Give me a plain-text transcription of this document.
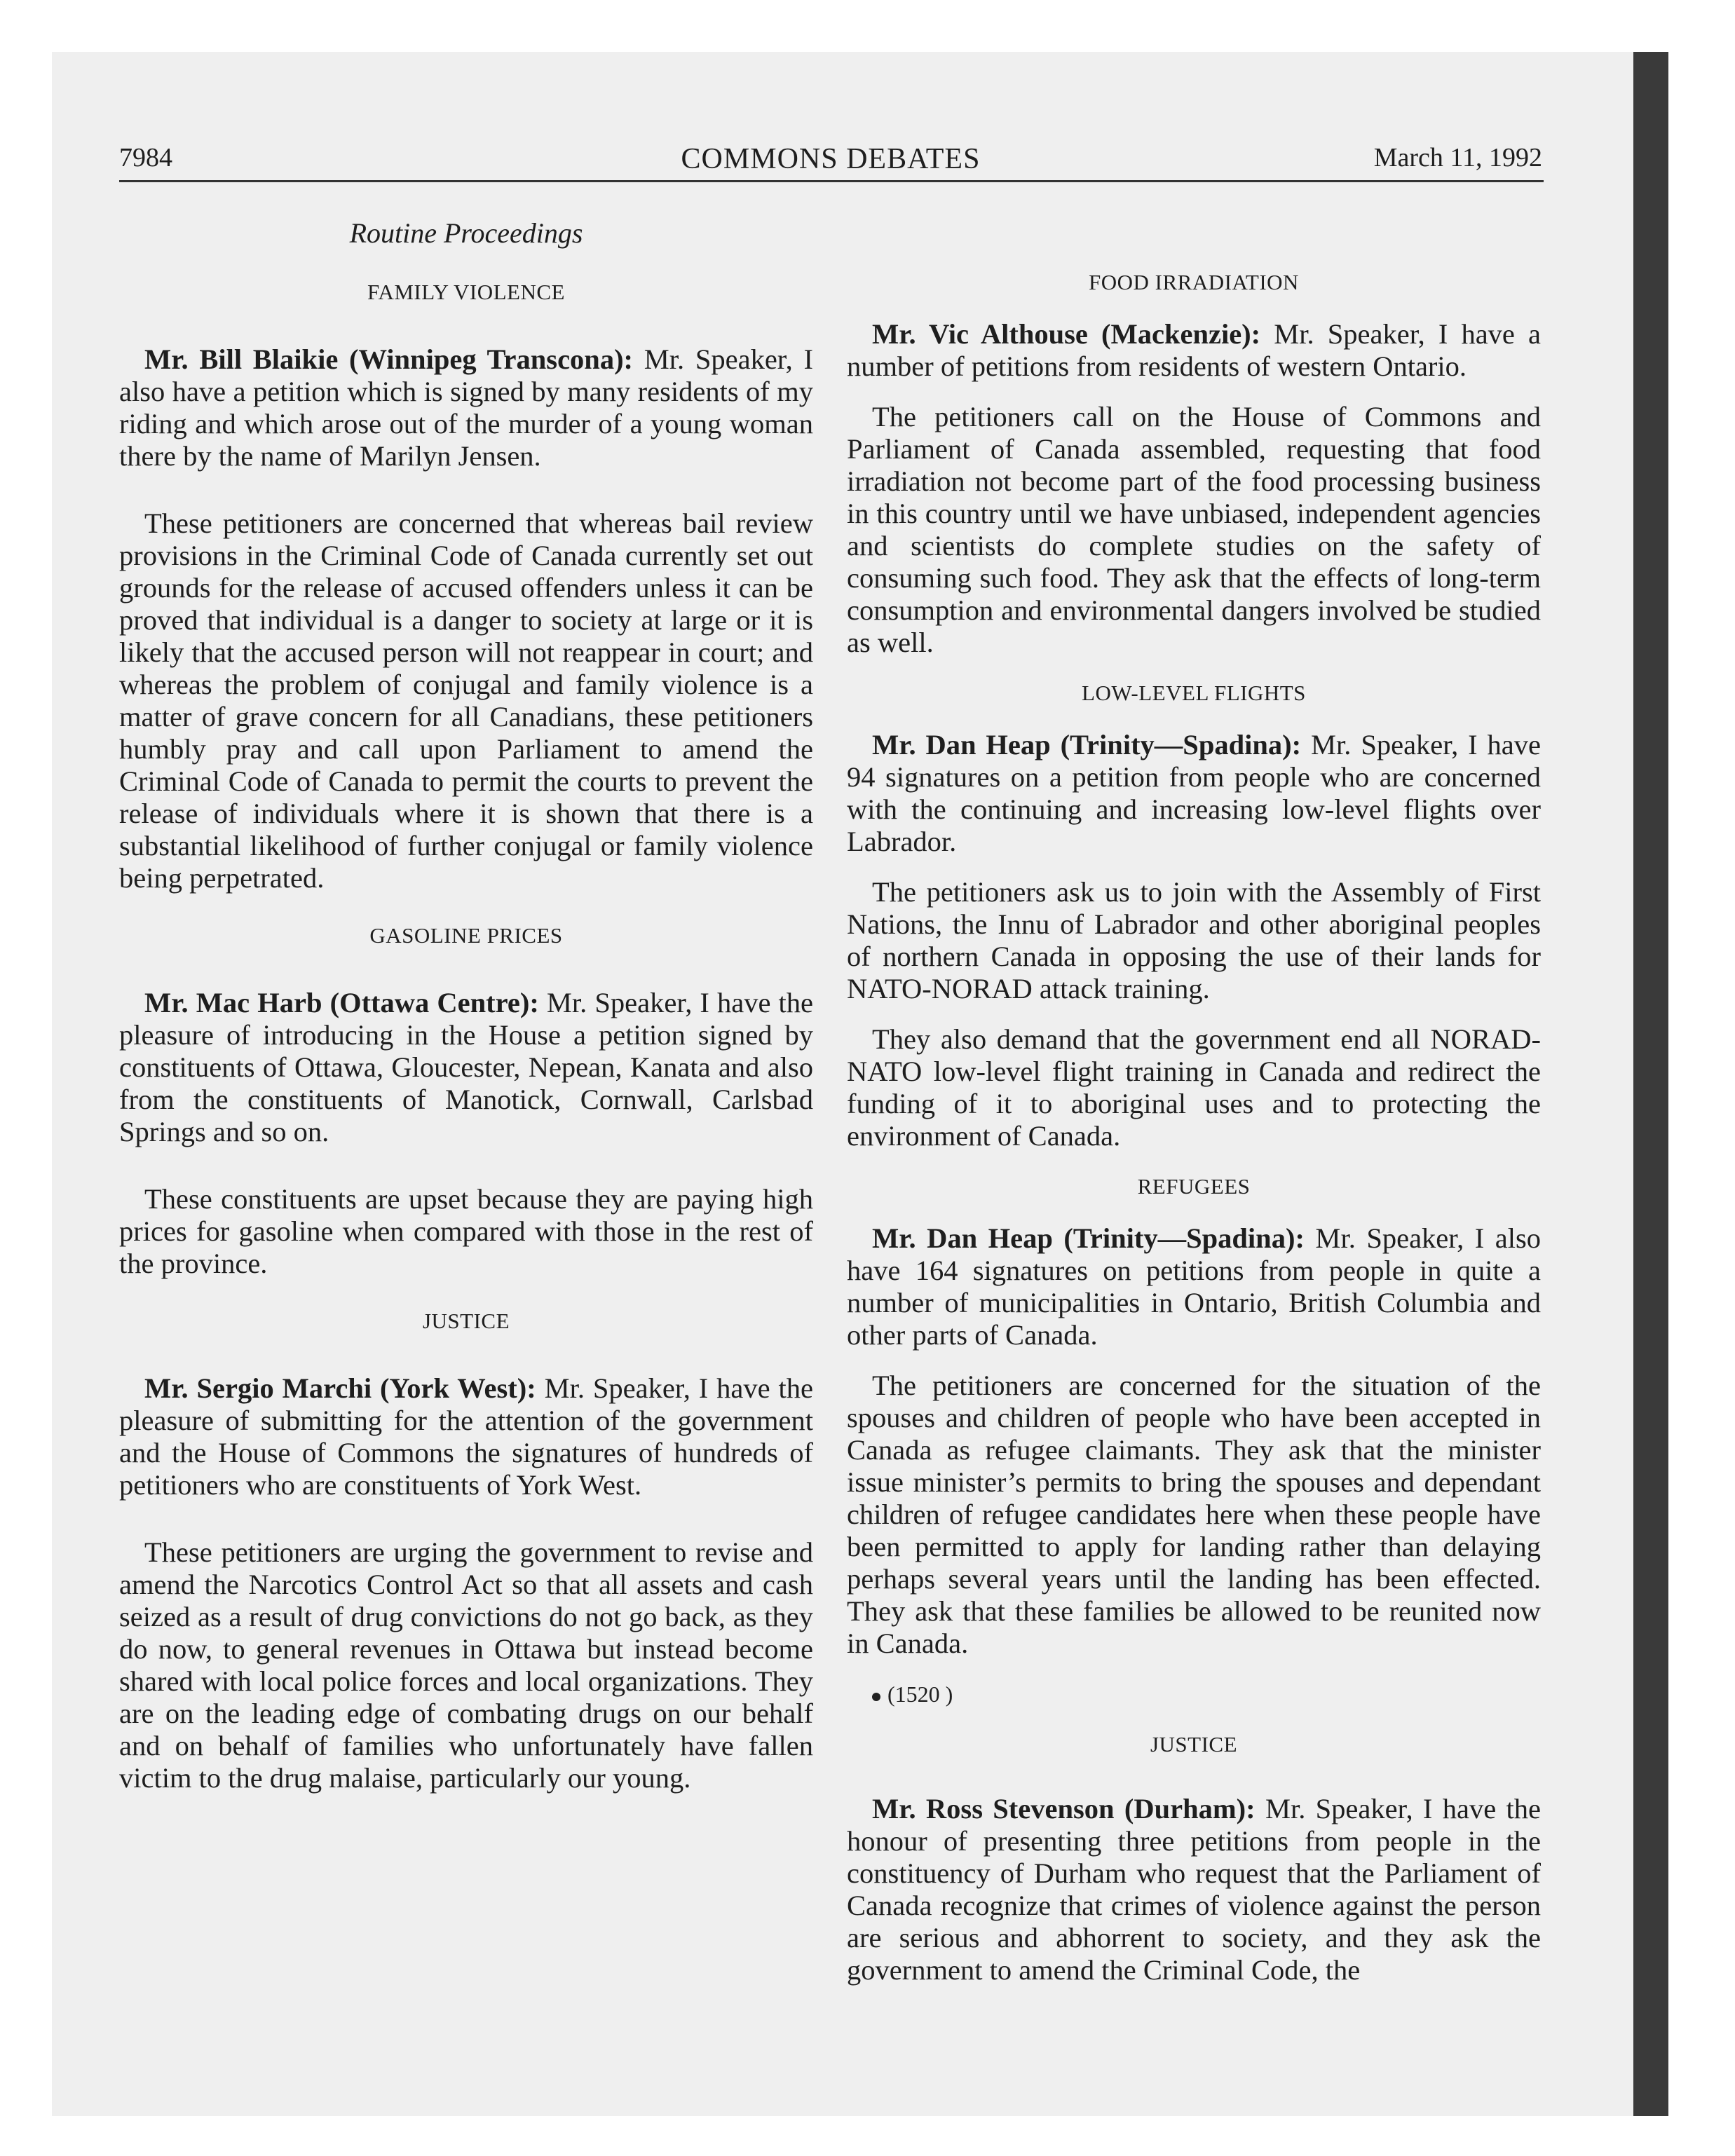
7984	COMMONS DEBATES	March 11, 1992
Routine Proceedings
FAMILY VIOLENCE

Mr. Bill Blaikie (Winnipeg Transcona): Mr. Speaker, I also have a petition which is signed by many residents of my riding and which arose out of the murder of a young woman there by the name of Marilyn Jensen.

These petitioners are concerned that whereas bail review provisions in the Criminal Code of Canada currently set out grounds for the release of accused offenders unless it can be proved that individual is a danger to society at large or it is likely that the accused person will not reappear in court; and whereas the problem of conjugal and family violence is a matter of grave concern for all Canadians, these petitioners humbly pray and call upon Parliament to amend the Criminal Code of Canada to permit the courts to prevent the release of individuals where it is shown that there is a substantial likelihood of further conjugal or family violence being perpetrated.

GASOLINE PRICES

Mr. Mac Harb (Ottawa Centre): Mr. Speaker, I have the pleasure of introducing in the House a petition signed by constituents of Ottawa, Gloucester, Nepean, Kanata and also from the constituents of Manotick, Cornwall, Carlsbad Springs and so on.

These constituents are upset because they are paying high prices for gasoline when compared with those in the rest of the province.

JUSTICE

Mr. Sergio Marchi (York West): Mr. Speaker, I have the pleasure of submitting for the attention of the government and the House of Commons the signatures of hundreds of petitioners who are constituents of York West.

These petitioners are urging the government to revise and amend the Narcotics Control Act so that all assets and cash seized as a result of drug convictions do not go back, as they do now, to general revenues in Ottawa but instead become shared with local police forces and local organizations. They are on the leading edge of combating drugs on our behalf and on behalf of families who unfortunately have fallen victim to the drug malaise, particularly our young.

FOOD IRRADIATION

Mr. Vic Althouse (Mackenzie): Mr. Speaker, I have a number of petitions from residents of western Ontario.

The petitioners call on the House of Commons and Parliament of Canada assembled, requesting that food irradiation not become part of the food processing business in this country until we have unbiased, independent agencies and scientists do complete studies on the safety of consuming such food. They ask that the effects of long-term consumption and environmental dangers involved be studied as well.

LOW-LEVEL FLIGHTS

Mr. Dan Heap (Trinity—Spadina): Mr. Speaker, I have 94 signatures on a petition from people who are concerned with the continuing and increasing low-level flights over Labrador.

The petitioners ask us to join with the Assembly of First Nations, the Innu of Labrador and other aboriginal peoples of northern Canada in opposing the use of their lands for NATO-NORAD attack training.

They also demand that the government end all NORAD-NATO low-level flight training in Canada and redirect the funding of it to aboriginal uses and to protecting the environment of Canada.

REFUGEES

Mr. Dan Heap (Trinity—Spadina): Mr. Speaker, I also have 164 signatures on petitions from people in quite a number of municipalities in Ontario, British Columbia and other parts of Canada.

The petitioners are concerned for the situation of the spouses and children of people who have been accepted in Canada as refugee claimants. They ask that the minister issue minister’s permits to bring the spouses and dependant children of refugee candidates here when these people have been permitted to apply for landing rather than delaying perhaps several years until the landing has been effected. They ask that these families be allowed to be reunited now in Canada.

(1520 )

JUSTICE

Mr. Ross Stevenson (Durham): Mr. Speaker, I have the honour of presenting three petitions from people in the constituency of Durham who request that the Parliament of Canada recognize that crimes of violence against the person are serious and abhorrent to society, and they ask the government to amend the Criminal Code, the
